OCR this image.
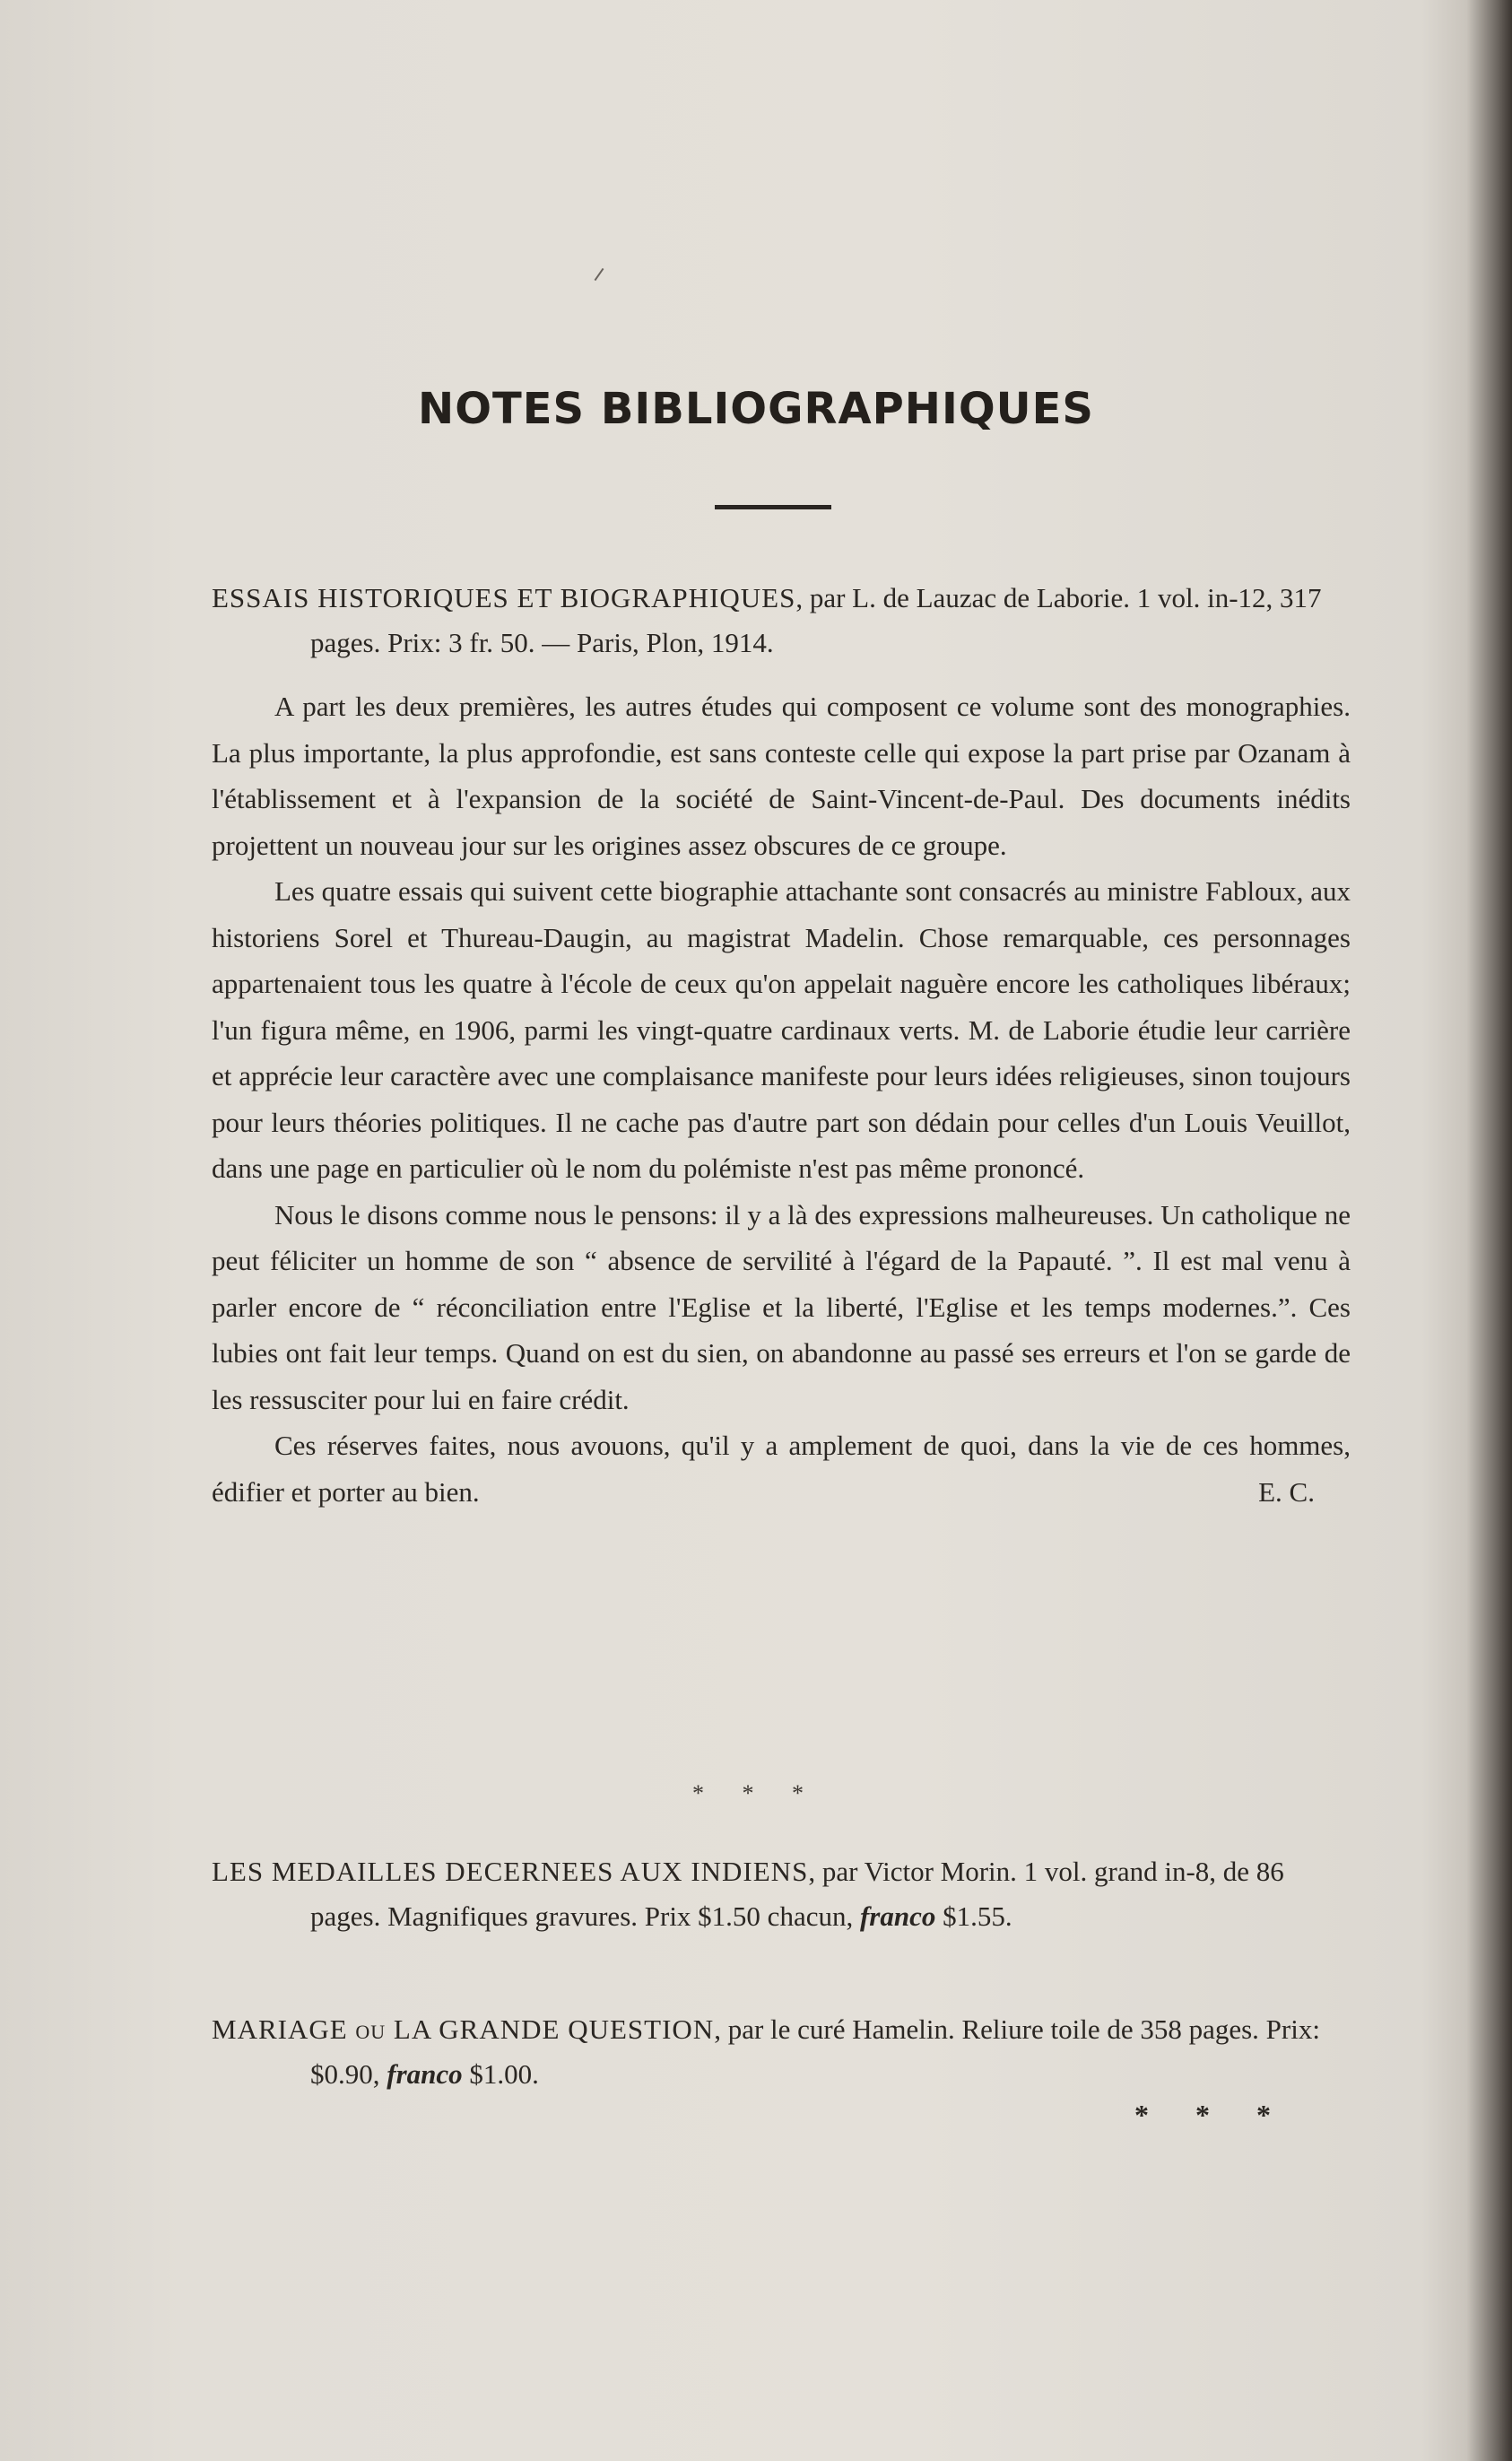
NOTES BIBLIOGRAPHIQUES

ESSAIS HISTORIQUES ET BIOGRAPHIQUES, par L. de Lauzac de Laborie. 1 vol. in-12, 317 pages. Prix: 3 fr. 50. — Paris, Plon, 1914.

A part les deux premières, les autres études qui composent ce volume sont des monographies. La plus importante, la plus approfondie, est sans conteste celle qui expose la part prise par Ozanam à l'établissement et à l'expansion de la société de Saint-Vincent-de-Paul. Des documents inédits projettent un nouveau jour sur les origines assez obscures de ce groupe.

Les quatre essais qui suivent cette biographie attachante sont consacrés au ministre Fabloux, aux historiens Sorel et Thureau-Daugin, au magistrat Madelin. Chose remarquable, ces personnages appartenaient tous les quatre à l'école de ceux qu'on appelait naguère encore les catholiques libéraux; l'un figura même, en 1906, parmi les vingt-quatre cardinaux verts. M. de Laborie étudie leur carrière et apprécie leur caractère avec une complaisance manifeste pour leurs idées religieuses, sinon toujours pour leurs théories politiques. Il ne cache pas d'autre part son dédain pour celles d'un Louis Veuillot, dans une page en particulier où le nom du polémiste n'est pas même prononcé.

Nous le disons comme nous le pensons: il y a là des expressions malheureuses. Un catholique ne peut féliciter un homme de son “ absence de servilité à l'égard de la Papauté. ”. Il est mal venu à parler encore de “ réconciliation entre l'Eglise et la liberté, l'Eglise et les temps modernes.”. Ces lubies ont fait leur temps. Quand on est du sien, on abandonne au passé ses erreurs et l'on se garde de les ressusciter pour lui en faire crédit.

Ces réserves faites, nous avouons, qu'il y a amplement de quoi, dans la vie de ces hommes, édifier et porter au bien.	E. C.

* * *

LES MEDAILLES DECERNEES AUX INDIENS, par Victor Morin. 1 vol. grand in-8, de 86 pages. Magnifiques gravures. Prix $1.50 chacun, franco $1.55.

MARIAGE ou LA GRANDE QUESTION, par le curé Hamelin. Reliure toile de 358 pages. Prix: $0.90, franco $1.00.

* * *
